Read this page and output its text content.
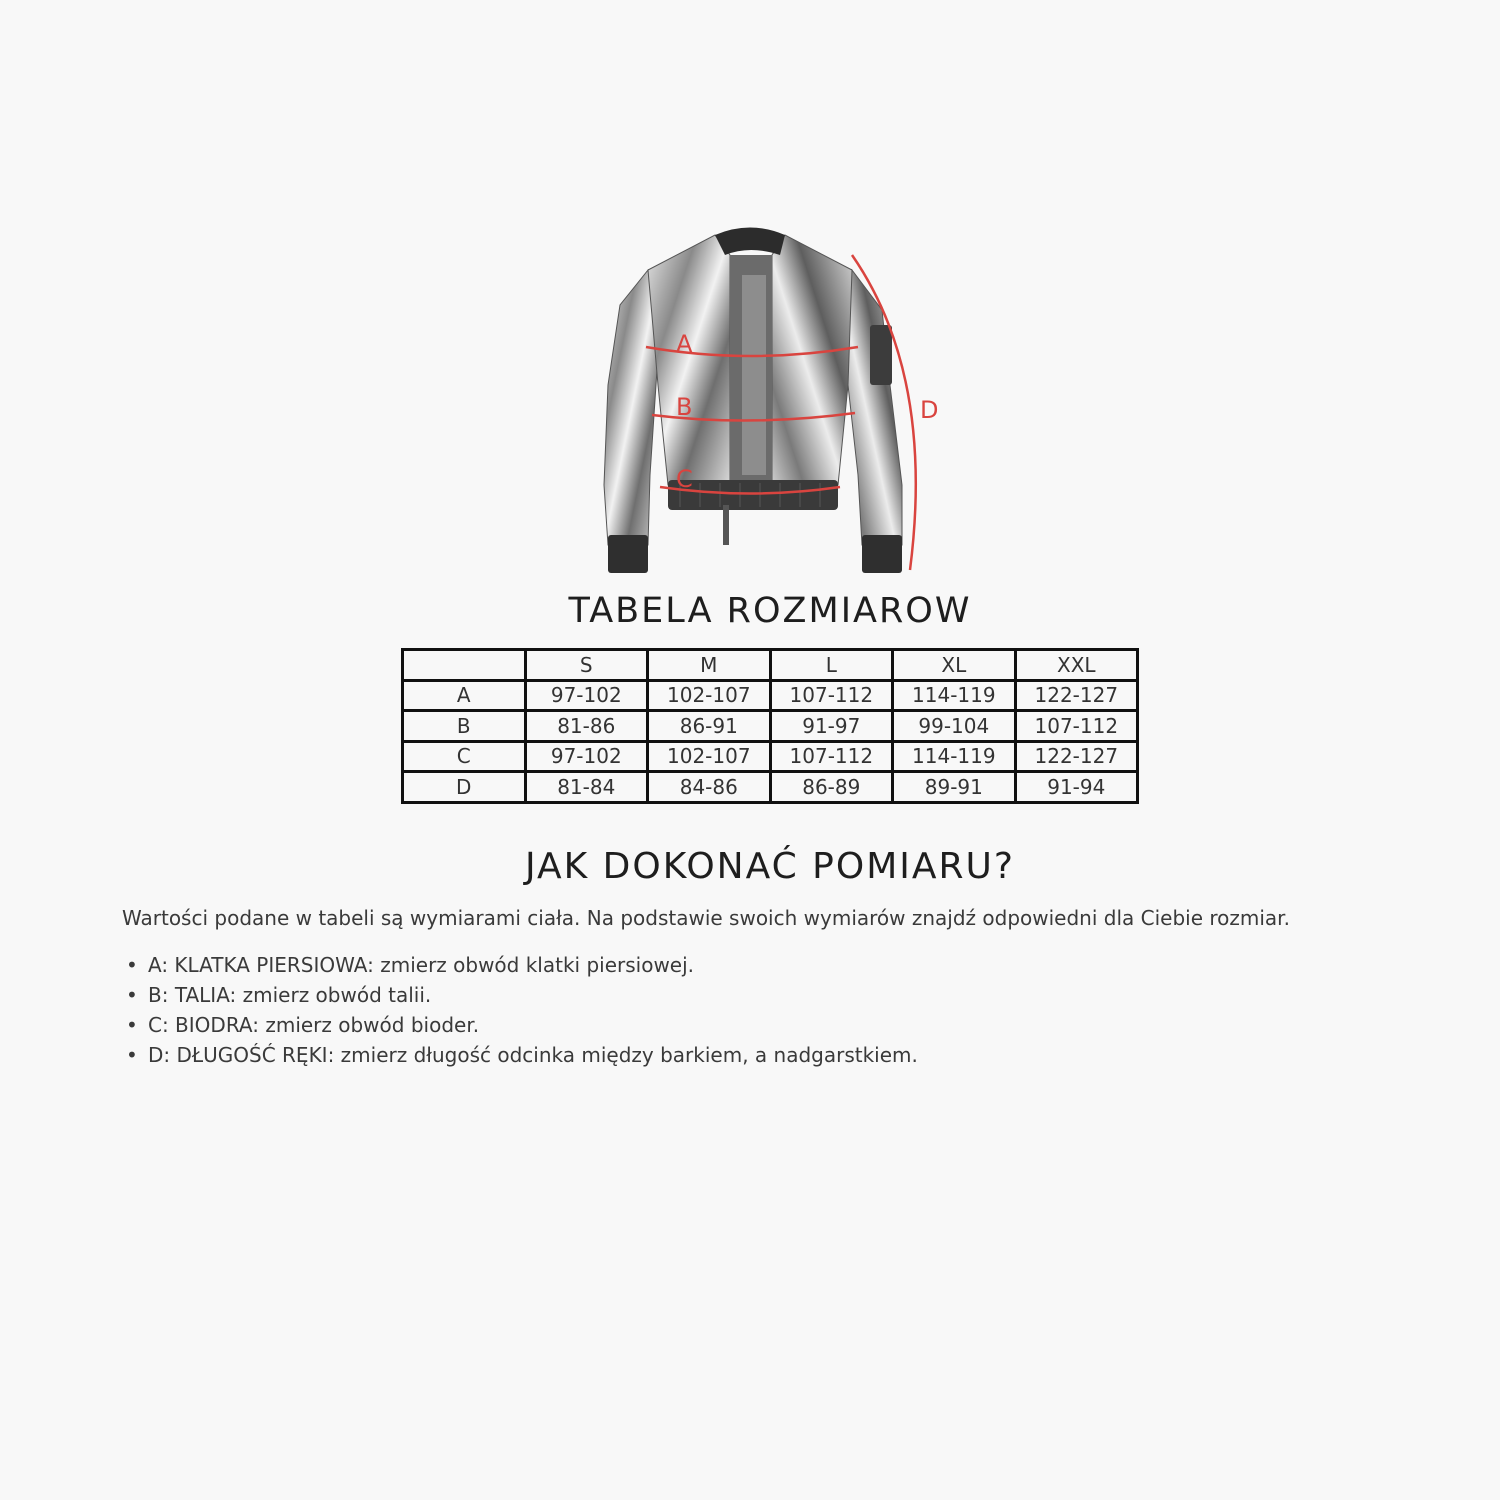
A
B
C
D
TABELA ROZMIAROW
	S	M	L	XL	XXL
A	97-102	102-107	107-112	114-119	122-127
B	81-86	86-91	91-97	99-104	107-112
C	97-102	102-107	107-112	114-119	122-127
D	81-84	84-86	86-89	89-91	91-94
JAK DOKONAĆ POMIARU?

Wartości podane w tabeli są wymiarami ciała. Na podstawie swoich wymiarów znajdź odpowiedni dla Ciebie rozmiar.

• A: KLATKA PIERSIOWA: zmierz obwód klatki piersiowej.
• B: TALIA: zmierz obwód talii.
• C: BIODRA: zmierz obwód bioder.
• D: DŁUGOŚĆ RĘKI: zmierz długość odcinka między barkiem, a nadgarstkiem.
